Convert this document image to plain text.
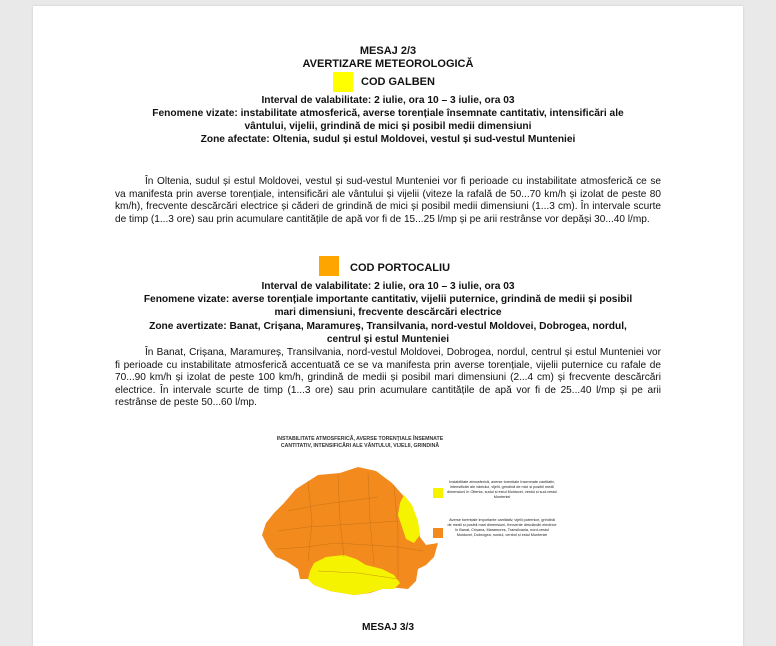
MESAJ 2/3
AVERTIZARE METEOROLOGICĂ
COD GALBEN
Interval de valabilitate: 2 iulie, ora 10 – 3 iulie, ora 03
Fenomene vizate: instabilitate atmosferică, averse torențiale însemnate cantitativ, intensificări ale
vântului, vijelii, grindină de mici și posibil medii dimensiuni
Zone afectate: Oltenia, sudul și estul Moldovei, vestul și sud-vestul Munteniei

În Oltenia, sudul și estul Moldovei, vestul și sud-vestul Munteniei vor fi perioade cu instabilitate atmosferică ce se va manifesta prin averse torențiale, intensificări ale vântului și vijelii (viteze la rafală de 50...70 km/h și izolat de peste 80 km/h), frecvente descărcări electrice și căderi de grindină de mici și posibil medii dimensiuni (1...3 cm). În intervale scurte de timp (1...3 ore) sau prin acumulare cantitățile de apă vor fi de 15...25 l/mp și pe arii restrânse vor depăși 30...40 l/mp.

COD PORTOCALIU
Interval de valabilitate: 2 iulie, ora 10 – 3 iulie, ora 03
Fenomene vizate: averse torențiale importante cantitativ, vijelii puternice, grindină de medii și posibil
mari dimensiuni, frecvente descărcări electrice
Zone avertizate: Banat, Crișana, Maramureș, Transilvania, nord-vestul Moldovei, Dobrogea, nordul,
centrul și estul Munteniei

În Banat, Crișana, Maramureș, Transilvania, nord-vestul Moldovei, Dobrogea, nordul, centrul și estul Munteniei vor fi perioade cu instabilitate atmosferică accentuată ce se va manifesta prin averse torențiale, vijelii puternice cu rafale de 70...90 km/h și izolat de peste 100 km/h, grindină de medii și posibil mari dimensiuni (2...4 cm) și frecvente descărcări electrice. În intervale scurte de timp (1...3 ore) sau prin acumulare cantitățile de apă vor fi de 25...40 l/mp și pe arii restrânse de peste 50...60 l/mp.

INSTABILITATE ATMOSFERICĂ, AVERSE TORENȚIALE ÎNSEMNATE
CANTITATIV, INTENSIFICĂRI ALE VÂNTULUI, VIJELII, GRINDINĂ
Instabilitate atmosferică, averse torențiale însemnate cantitativ, intensificări ale vântului, vijelii, grindină de mici și posibil medii dimensiuni în Oltenia, sudul și estul Moldovei, vestul și sud-vestul Munteniei
Averse torențiale importante cantitativ, vijelii puternice, grindină de medii și posibil mari dimensiuni, frecvente descărcări electrice în Banat, Crișana, Maramureș, Transilvania, nord-vestul Moldovei, Dobrogea, nordul, centrul și estul Munteniei
MESAJ 3/3
